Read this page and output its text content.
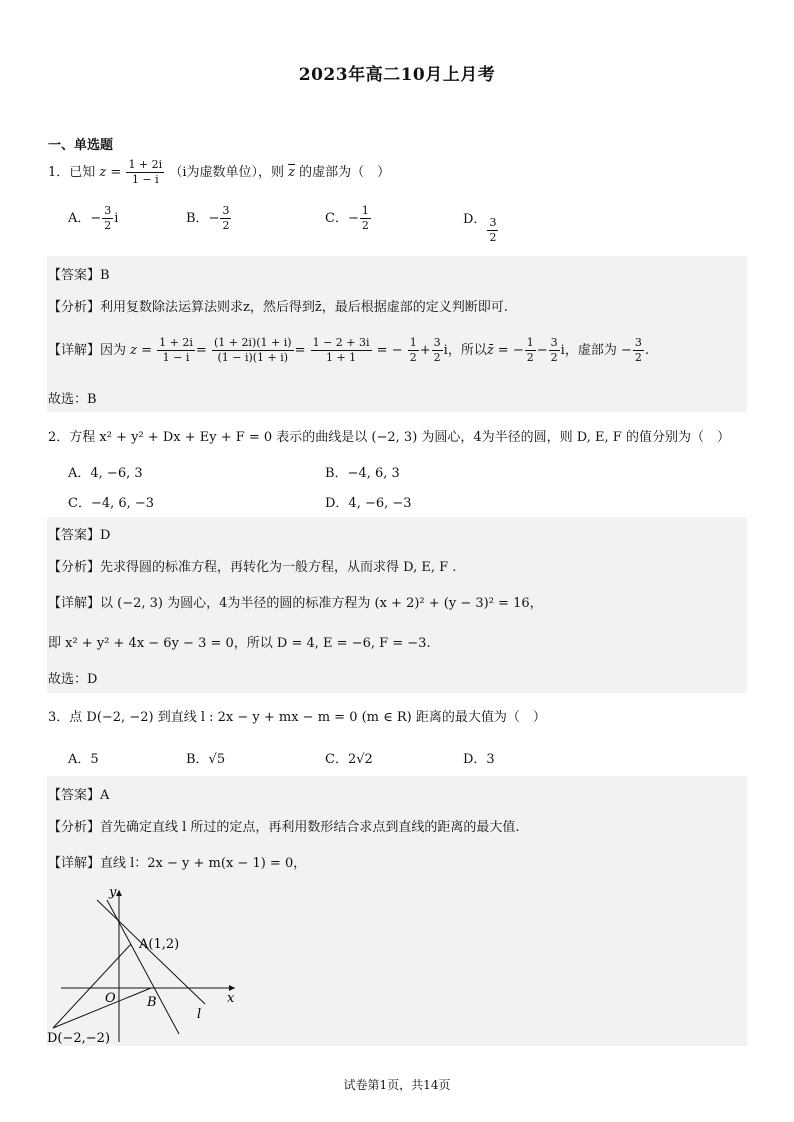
2023年高二10月上月考
一、单选题
1．已知 $z = \frac{1 + 2i}{1 - i} (i$为虚数单位），则 $\overline{z}$ 的虚部为（　）
A．− $\frac{3}{2}$ i	B．− $\frac{3}{2}$	C．− $\frac{1}{2}$	D． $\frac{3}{2}$
【答案】B
【分析】利用复数除法运算法则求z，然后得到z̄，最后根据虚部的定义判断即可.
【详解】因为 $z = \frac{1 + 2i}{1 - i} = \frac{(1 + 2i)(1 + i)}{(1 - i)(1 + i)} = \frac{1 - 2 + 3i}{1 + 1}$ = − $\frac{1}{2} + \frac{3}{2}$ i，所以z̄ = − $\frac{1}{2} - \frac{3}{2}$ i，虚部为 − $\frac{3}{2}$ .
故选：B
2．方程 x² + y² + Dx + Ey + F = 0 表示的曲线是以 (−2, 3) 为圆心，4为半径的圆，则 D, E, F 的值分别为（　）
A．4, −6, 3	B．−4, 6, 3
C．−4, 6, −3	D．4, −6, −3
【答案】D
【分析】先求得圆的标准方程，再转化为一般方程，从而求得 D, E, F .
【详解】以 (−2, 3) 为圆心，4为半径的圆的标准方程为 (x + 2)² + (y − 3)² = 16，
即 x² + y² + 4x − 6y − 3 = 0，所以 D = 4, E = −6, F = −3.
故选：D
3．点 D(−2, −2) 到直线 l : 2x − y + mx − m = 0 (m ∈ R) 距离的最大值为（　）
A．5	B．√5	C．2√2	D．3
【答案】A
【分析】首先确定直线 l 所过的定点，再利用数形结合求点到直线的距离的最大值.
【详解】直线 l：2x − y + m(x − 1) = 0，
y
x
A(1,2)
O B
l
D(−2,−2)
试卷第1页，共14页
